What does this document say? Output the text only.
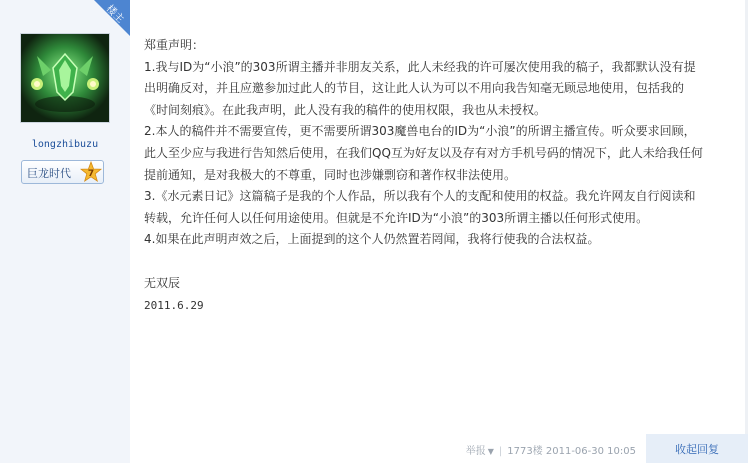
longzhibuzu
巨龙时代 7
楼主

郑重声明：

1.我与ID为“小浪”的303所谓主播并非朋友关系，此人未经我的许可屡次使用我的稿子，我都默认没有提出明确反对，并且应邀参加过此人的节目，这让此人认为可以不用向我告知毫无顾忌地使用，包括我的《时间刻痕》。在此我声明，此人没有我的稿件的使用权限，我也从未授权。

2.本人的稿件并不需要宣传，更不需要所谓303魔兽电台的ID为“小浪”的所谓主播宣传。听众要求回顾，此人至少应与我进行告知然后使用，在我们QQ互为好友以及存有对方手机号码的情况下，此人未给我任何提前通知，是对我极大的不尊重，同时也涉嫌剽窃和著作权非法使用。

3.《水元素日记》这篇稿子是我的个人作品，所以我有个人的支配和使用的权益。我允许网友自行阅读和转载，允许任何人以任何用途使用。但就是不允许ID为“小浪”的303所谓主播以任何形式使用。

4.如果在此声明声效之后，上面提到的这个人仍然置若罔闻，我将行使我的合法权益。

无双辰

2011.6.29

举报 ▼ | 1773楼 2011-06-30 10:05	收起回复
